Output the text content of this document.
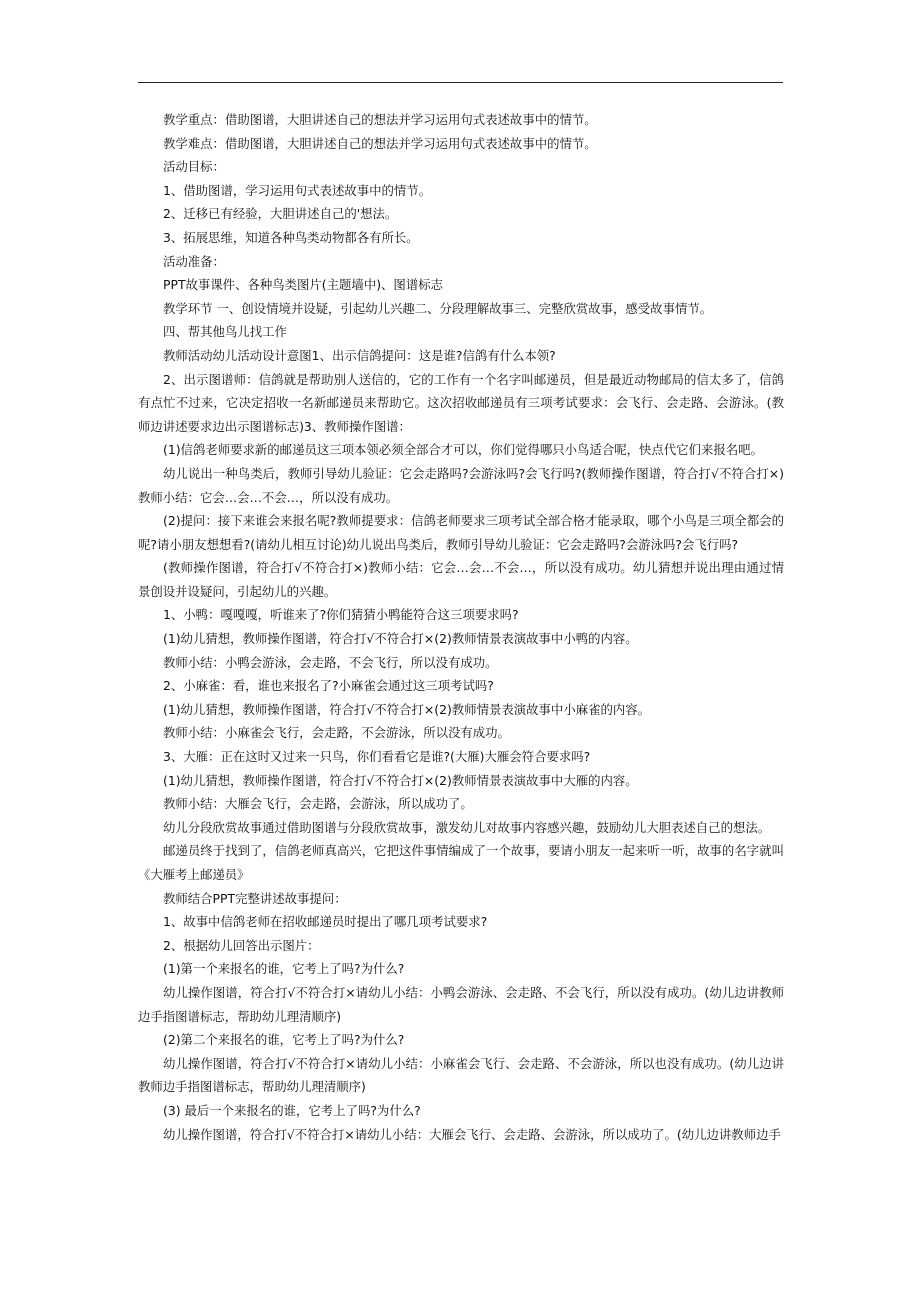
教学重点：借助图谱，大胆讲述自己的想法并学习运用句式表述故事中的情节。

教学难点：借助图谱，大胆讲述自己的想法并学习运用句式表述故事中的情节。

活动目标：

1、借助图谱，学习运用句式表述故事中的情节。

2、迁移已有经验，大胆讲述自己的'想法。

3、拓展思维，知道各种鸟类动物都各有所长。

活动准备：

PPT故事课件、各种鸟类图片(主题墙中)、图谱标志

教学环节 一、创设情境并设疑，引起幼儿兴趣二、分段理解故事三、完整欣赏故事，感受故事情节。

四、帮其他鸟儿找工作

教师活动幼儿活动设计意图1、出示信鸽提问：这是谁?信鸽有什么本领?

2、出示图谱师：信鸽就是帮助别人送信的，它的工作有一个名字叫邮递员，但是最近动物邮局的信太多了，信鸽有点忙不过来，它决定招收一名新邮递员来帮助它。这次招收邮递员有三项考试要求：会飞行、会走路、会游泳。(教师边讲述要求边出示图谱标志)3、教师操作图谱：

(1)信鸽老师要求新的邮递员这三项本领必须全部合才可以，你们觉得哪只小鸟适合呢，快点代它们来报名吧。

幼儿说出一种鸟类后，教师引导幼儿验证：它会走路吗?会游泳吗?会飞行吗?(教师操作图谱，符合打√不符合打×)教师小结：它会…会…不会…，所以没有成功。

(2)提问：接下来谁会来报名呢?教师提要求：信鸽老师要求三项考试全部合格才能录取，哪个小鸟是三项全都会的呢?请小朋友想想看?(请幼儿相互讨论)幼儿说出鸟类后，教师引导幼儿验证：它会走路吗?会游泳吗?会飞行吗?

(教师操作图谱，符合打√不符合打×)教师小结：它会…会…不会…，所以没有成功。幼儿猜想并说出理由通过情景创设并设疑问，引起幼儿的兴趣。

1、小鸭：嘎嘎嘎，听谁来了?你们猜猜小鸭能符合这三项要求吗?

(1)幼儿猜想，教师操作图谱，符合打√不符合打×(2)教师情景表演故事中小鸭的内容。

教师小结：小鸭会游泳，会走路，不会飞行，所以没有成功。

2、小麻雀：看，谁也来报名了?小麻雀会通过这三项考试吗?

(1)幼儿猜想，教师操作图谱，符合打√不符合打×(2)教师情景表演故事中小麻雀的内容。

教师小结：小麻雀会飞行，会走路，不会游泳，所以没有成功。

3、大雁：正在这时又过来一只鸟，你们看看它是谁?(大雁)大雁会符合要求吗?

(1)幼儿猜想，教师操作图谱，符合打√不符合打×(2)教师情景表演故事中大雁的内容。

教师小结：大雁会飞行，会走路，会游泳，所以成功了。

幼儿分段欣赏故事通过借助图谱与分段欣赏故事，激发幼儿对故事内容感兴趣，鼓励幼儿大胆表述自己的想法。

邮递员终于找到了，信鸽老师真高兴，它把这件事情编成了一个故事，要请小朋友一起来听一听，故事的名字就叫《大雁考上邮递员》

教师结合PPT完整讲述故事提问：

1、故事中信鸽老师在招收邮递员时提出了哪几项考试要求?

2、根据幼儿回答出示图片：

(1)第一个来报名的谁，它考上了吗?为什么?

幼儿操作图谱，符合打√不符合打×请幼儿小结：小鸭会游泳、会走路、不会飞行，所以没有成功。(幼儿边讲教师边手指图谱标志，帮助幼儿理清顺序)

(2)第二个来报名的谁，它考上了吗?为什么?

幼儿操作图谱，符合打√不符合打×请幼儿小结：小麻雀会飞行、会走路、不会游泳，所以也没有成功。(幼儿边讲教师边手指图谱标志，帮助幼儿理清顺序)

(3) 最后一个来报名的谁，它考上了吗?为什么?

幼儿操作图谱，符合打√不符合打×请幼儿小结：大雁会飞行、会走路、会游泳，所以成功了。(幼儿边讲教师边手
